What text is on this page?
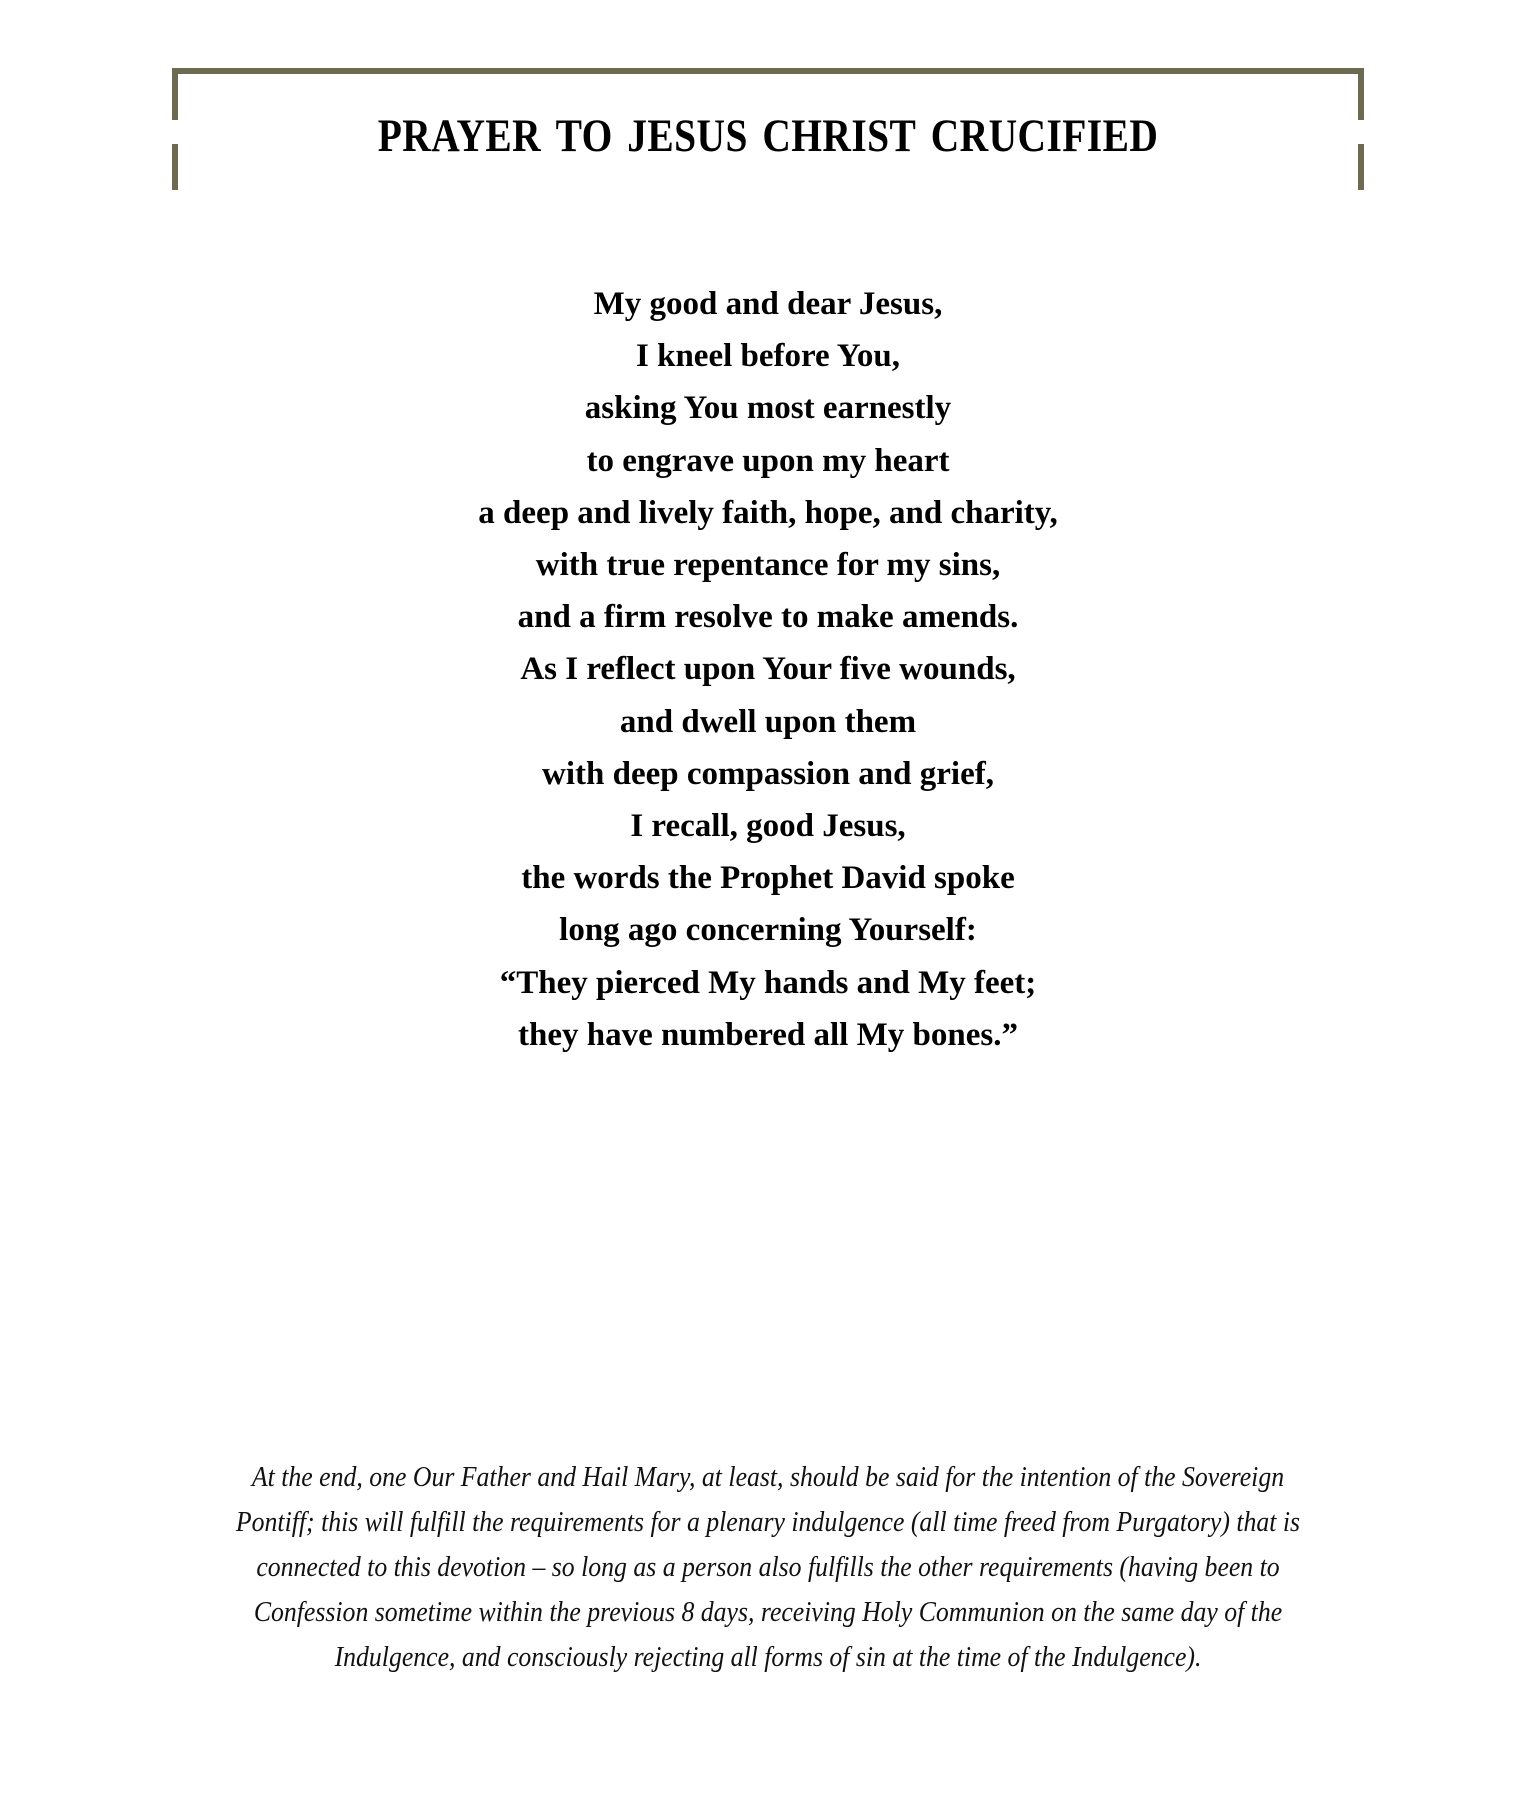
prayer to jesus christ crucified
My good and dear Jesus,
I kneel before You,
asking You most earnestly
to engrave upon my heart
a deep and lively faith, hope, and charity,
with true repentance for my sins,
and a firm resolve to make amends.
As I reflect upon Your five wounds,
and dwell upon them
with deep compassion and grief,
I recall, good Jesus,
the words the Prophet David spoke
long ago concerning Yourself:
“They pierced My hands and My feet;
they have numbered all My bones.”
At the end, one Our Father and Hail Mary, at least, should be said for the intention of the Sovereign
Pontiff; this will fulfill the requirements for a plenary indulgence (all time freed from Purgatory) that is
connected to this devotion – so long as a person also fulfills the other requirements (having been to
Confession sometime within the previous 8 days, receiving Holy Communion on the same day of the
Indulgence, and consciously rejecting all forms of sin at the time of the Indulgence).
